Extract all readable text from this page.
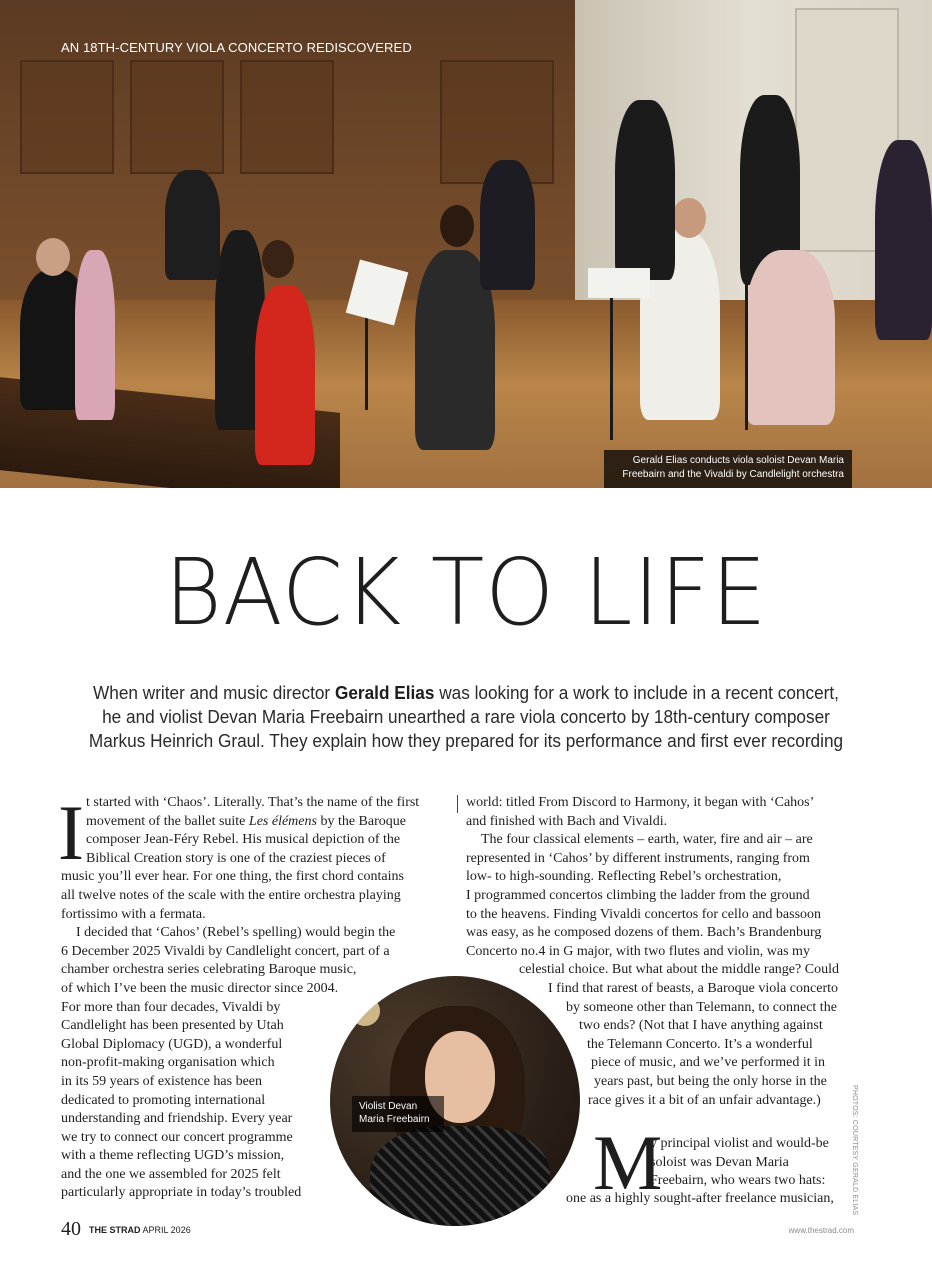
AN 18TH-CENTURY VIOLA CONCERTO REDISCOVERED
Gerald Elias conducts viola soloist Devan Maria
Freebairn and the Vivaldi by Candlelight orchestra
BACK TO LIFE
When writer and music director Gerald Elias was looking for a work to include in a recent concert,
he and violist Devan Maria Freebairn unearthed a rare viola concerto by 18th-century composer
Markus Heinrich Graul. They explain how they prepared for its performance and first ever recording
I t started with ‘Chaos’. Literally. That’s the name of the first
movement of the ballet suite Les élémens by the Baroque
composer Jean-Féry Rebel. His musical depiction of the
Biblical Creation story is one of the craziest pieces of
music you’ll ever hear. For one thing, the first chord contains
all twelve notes of the scale with the entire orchestra playing
fortissimo with a fermata.
I decided that ‘Cahos’ (Rebel’s spelling) would begin the
6 December 2025 Vivaldi by Candlelight concert, part of a
chamber orchestra series celebrating Baroque music,
of which I’ve been the music director since 2004.
For more than four decades, Vivaldi by
Candlelight has been presented by Utah
Global Diplomacy (UGD), a wonderful
non-profit-making organisation which
in its 59 years of existence has been
dedicated to promoting international
understanding and friendship. Every year
we try to connect our concert programme
with a theme reflecting UGD’s mission,
and the one we assembled for 2025 felt
particularly appropriate in today’s troubled
world: titled From Discord to Harmony, it began with ‘Cahos’
and finished with Bach and Vivaldi.
The four classical elements – earth, water, fire and air – are
represented in ‘Cahos’ by different instruments, ranging from
low- to high-sounding. Reflecting Rebel’s orchestration,
I programmed concertos climbing the ladder from the ground
to the heavens. Finding Vivaldi concertos for cello and bassoon
was easy, as he composed dozens of them. Bach’s Brandenburg
Concerto no.4 in G major, with two flutes and violin, was my
celestial choice. But what about the middle range? Could
I find that rarest of beasts, a Baroque viola concerto
by someone other than Telemann, to connect the
two ends? (Not that I have anything against
the Telemann Concerto. It’s a wonderful
piece of music, and we’ve performed it in
years past, but being the only horse in the
race gives it a bit of an unfair advantage.)
M
y principal violist and would-be
soloist was Devan Maria
Freebairn, who wears two hats:
one as a highly sought-after freelance musician,
Violist Devan
Maria Freebairn	PHOTOS: COURTESY GERALD ELIAS
40 THE STRAD APRIL 2026	www.thestrad.com
